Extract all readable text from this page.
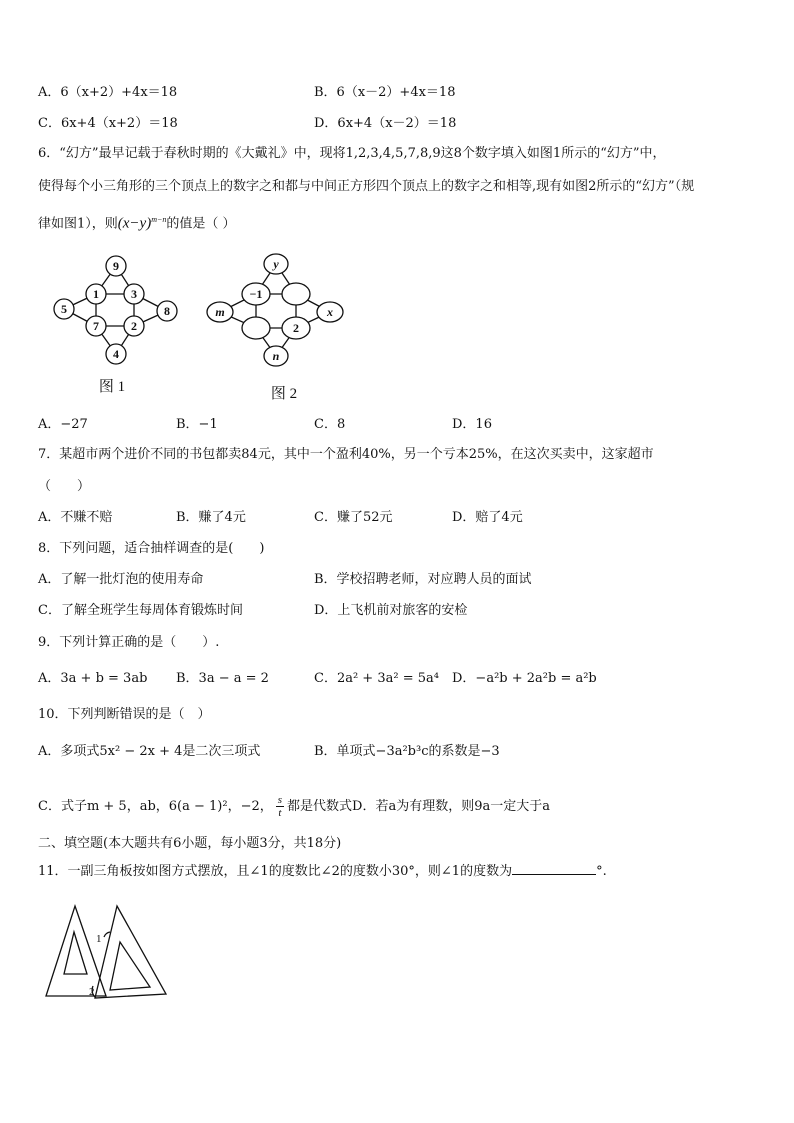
A．6（x+2）+4x＝18	B．6（x－2）+4x＝18
C．6x+4（x+2）＝18	D．6x+4（x－2）＝18
6．“幻方”最早记载于春秋时期的《大戴礼》中，现将1,2,3,4,5,7,8,9这8个数字填入如图1所示的“幻方”中，
使得每个小三角形的三个顶点上的数字之和都与中间正方形四个顶点上的数字之和相等,现有如图2所示的“幻方”（规
律如图1），则$(x-y)^{m-n}$的值是（ ）
9
1	3
5
7	2
8
4
图 1
y
−1
m
2
x
n
图 2
A．−27	B．−1	C．8	D．16
7．某超市两个进价不同的书包都卖84元，其中一个盈利40%，另一个亏本25%，在这次买卖中，这家超市
（　　）
A．不赚不赔	B．赚了4元	C．赚了52元	D．赔了4元
8．下列问题，适合抽样调查的是(　　)
A．了解一批灯泡的使用寿命	B．学校招聘老师，对应聘人员的面试
C．了解全班学生每周体育锻炼时间	D．上飞机前对旅客的安检
9．下列计算正确的是（　　）.
A．3a + b = 3ab B．3a − a = 2	C．2a² + 3a² = 5a⁴ D．−a²b + 2a²b = a²b
10．下列判断错误的是（　）
A．多项式5x² − 2x + 4是二次三项式	B．单项式−3a²b³c的系数是−3
C．式子m + 5，ab，6(a − 1)²，−2， $\frac{s}{t}$ 都是代数式D．若a为有理数，则9a一定大于a
二、填空题(本大题共有6小题，每小题3分，共18分)
11．一副三角板按如图方式摆放，且∠1的度数比∠2的度数小30°，则∠1的度数为	°.
1
2
